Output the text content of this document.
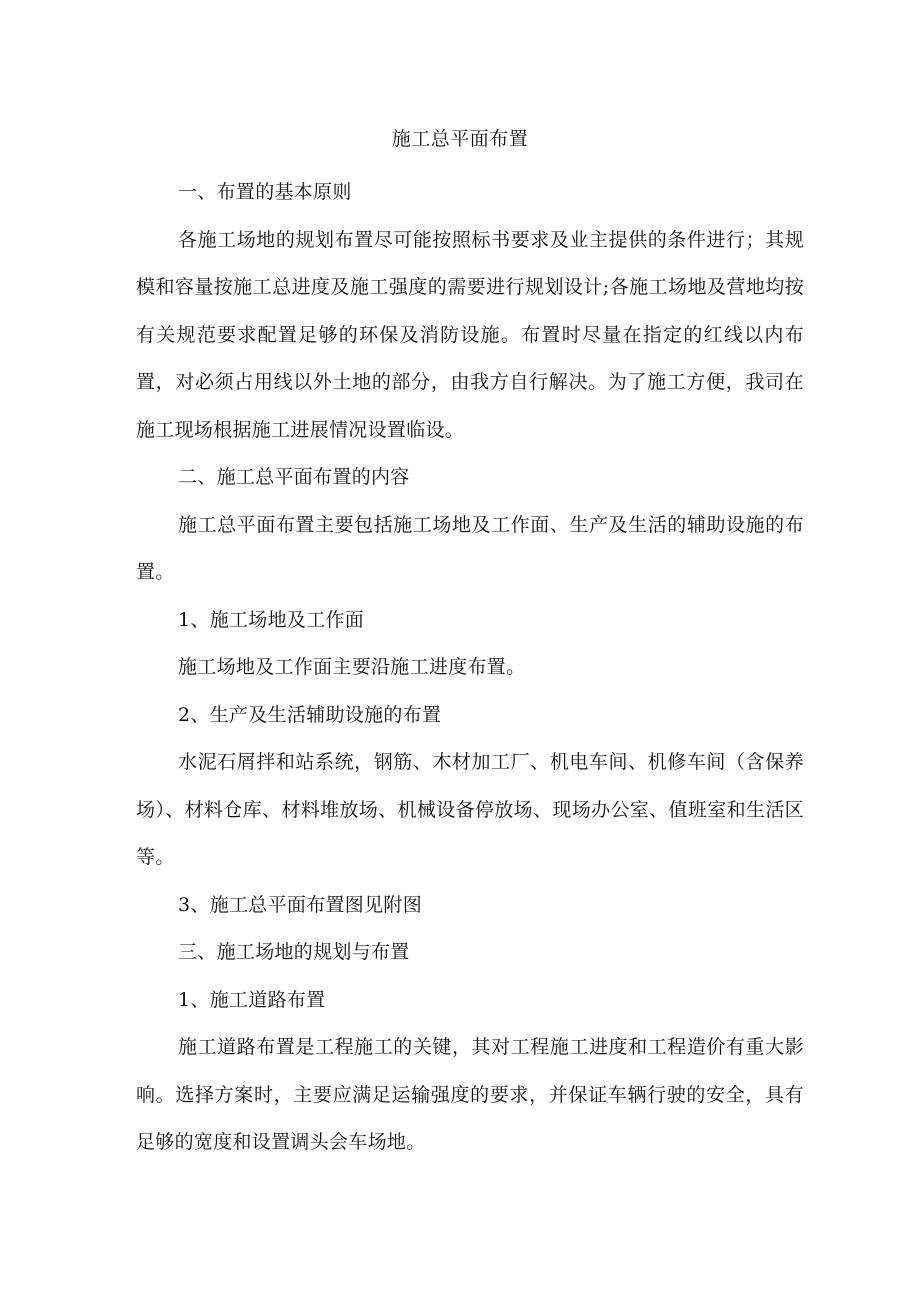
施工总平面布置

一、布置的基本原则

各施工场地的规划布置尽可能按照标书要求及业主提供的条件进行；其规模和容量按施工总进度及施工强度的需要进行规划设计;各施工场地及营地均按有关规范要求配置足够的环保及消防设施。布置时尽量在指定的红线以内布置，对必须占用线以外土地的部分，由我方自行解决。为了施工方便，我司在施工现场根据施工进展情况设置临设。

二、施工总平面布置的内容

施工总平面布置主要包括施工场地及工作面、生产及生活的辅助设施的布置。

1、施工场地及工作面

施工场地及工作面主要沿施工进度布置。

2、生产及生活辅助设施的布置

水泥石屑拌和站系统，钢筋、木材加工厂、机电车间、机修车间（含保养场）、材料仓库、材料堆放场、机械设备停放场、现场办公室、值班室和生活区等。

3、施工总平面布置图见附图

三、施工场地的规划与布置

1、施工道路布置

施工道路布置是工程施工的关键，其对工程施工进度和工程造价有重大影响。选择方案时，主要应满足运输强度的要求，并保证车辆行驶的安全，具有足够的宽度和设置调头会车场地。
